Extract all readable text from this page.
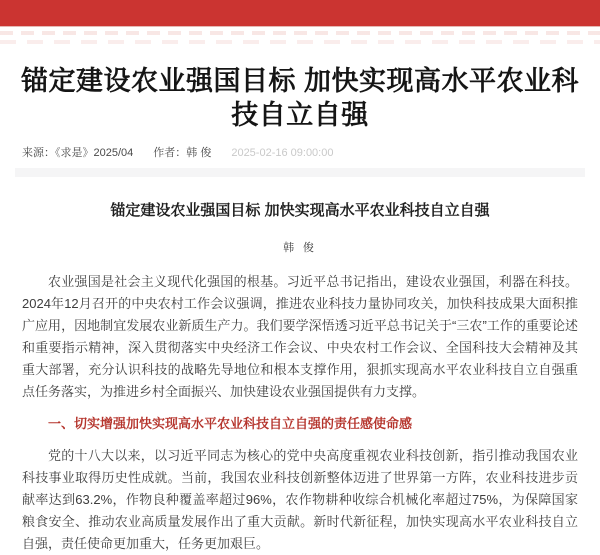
锚定建设农业强国目标 加快实现高水平农业科技自立自强
来源：《求是》2025/04 作者：韩 俊 2025-02-16 09:00:00
锚定建设农业强国目标 加快实现高水平农业科技自立自强
韩 俊

农业强国是社会主义现代化强国的根基。习近平总书记指出，建设农业强国，利器在科技。2024年12月召开的中央农村工作会议强调，推进农业科技力量协同攻关，加快科技成果大面积推广应用，因地制宜发展农业新质生产力。我们要学深悟透习近平总书记关于“三农”工作的重要论述和重要指示精神，深入贯彻落实中央经济工作会议、中央农村工作会议、全国科技大会精神及其重大部署，充分认识科技的战略先导地位和根本支撑作用，狠抓实现高水平农业科技自立自强重点任务落实，为推进乡村全面振兴、加快建设农业强国提供有力支撑。

一、切实增强加快实现高水平农业科技自立自强的责任感使命感

党的十八大以来，以习近平同志为核心的党中央高度重视农业科技创新，指引推动我国农业科技事业取得历史性成就。当前，我国农业科技创新整体迈进了世界第一方阵，农业科技进步贡献率达到63.2%，作物良种覆盖率超过96%，农作物耕种收综合机械化率超过75%，为保障国家粮食安全、推动农业高质量发展作出了重大贡献。新时代新征程，加快实现高水平农业科技自立自强，责任使命更加重大，任务更加艰巨。
